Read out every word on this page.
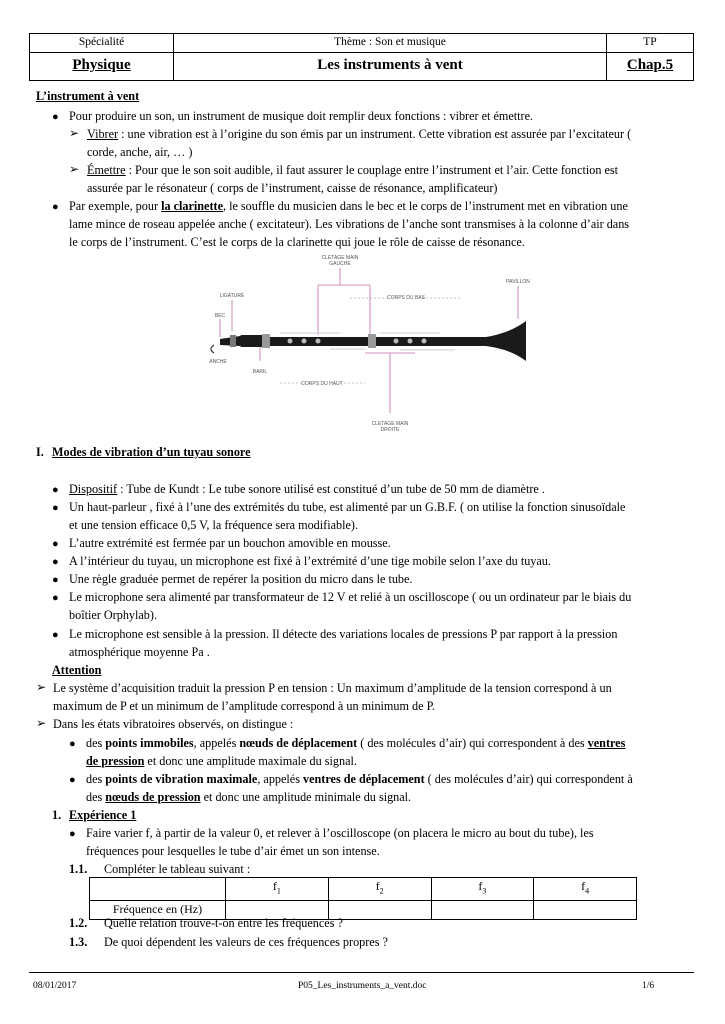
Spécialité	Thème : Son et musique	TP
Physique	Les instruments à vent	Chap.5
L’instrument à vent
● Pour produire un son, un instrument de musique doit remplir deux fonctions : vibrer et émettre.
➢ Vibrer : une vibration est à l’origine du son émis par un instrument. Cette vibration est assurée par l’excitateur (
corde, anche, air, … )
➢ Émettre : Pour que le son soit audible, il faut assurer le couplage entre l’instrument et l’air. Cette fonction est
assurée par le résonateur ( corps de l’instrument, caisse de résonance, amplificateur)
● Par exemple, pour la clarinette, le souffle du musicien dans le bec et le corps de l’instrument met en vibration une
lame mince de roseau appelée anche ( excitateur). Les vibrations de l’anche sont transmises à la colonne d’air dans
le corps de l’instrument. C’est le corps de la clarinette qui joue le rôle de caisse de résonance.
CLETAGE MAIN
GAUCHE
PAVILLON
LIGATURE	CORPS DU BAS
BEC
ANCHE
BARIL
CORPS DU HAUT
CLETAGE MAIN
DROITE
I. Modes de vibration d’un tuyau sonore
● Dispositif : Tube de Kundt : Le tube sonore utilisé est constitué d’un tube de 50 mm de diamètre .
● Un haut-parleur , fixé à l’une des extrémités du tube, est alimenté par un G.B.F. ( on utilise la fonction sinusoïdale
et une tension efficace 0,5 V, la fréquence sera modifiable).
● L’autre extrémité est fermée par un bouchon amovible en mousse.
● A l’intérieur du tuyau, un microphone est fixé à l’extrémité d’une tige mobile selon l’axe du tuyau.
● Une règle graduée permet de repérer la position du micro dans le tube.
● Le microphone sera alimenté par transformateur de 12 V et relié à un oscilloscope ( ou un ordinateur par le biais du
boîtier Orphylab).
● Le microphone est sensible à la pression. Il détecte des variations locales de pressions P par rapport à la pression
atmosphérique moyenne Pa .
Attention
➢ Le système d’acquisition traduit la pression P en tension : Un maximum d’amplitude de la tension correspond à un
maximum de P et un minimum de l’amplitude correspond à un minimum de P.
➢ Dans les états vibratoires observés, on distingue :
● des points immobiles, appelés nœuds de déplacement ( des molécules d’air) qui correspondent à des ventres
de pression et donc une amplitude maximale du signal.
● des points de vibration maximale, appelés ventres de déplacement ( des molécules d’air) qui correspondent à
des nœuds de pression et donc une amplitude minimale du signal.
1. Expérience 1
● Faire varier f, à partir de la valeur 0, et relever à l’oscilloscope (on placera le micro au bout du tube), les
fréquences pour lesquelles le tube d’air émet un son intense.
1.1. Compléter le tableau suivant :
	$f_1$	$f_2$	$f_3$	$f_4$
Fréquence en (Hz)				
1.2. Quelle relation trouve-t-on entre les fréquences ?
1.3. De quoi dépendent les valeurs de ces fréquences propres ?
08/01/2017	P05_Les_instruments_a_vent.doc	1/6
